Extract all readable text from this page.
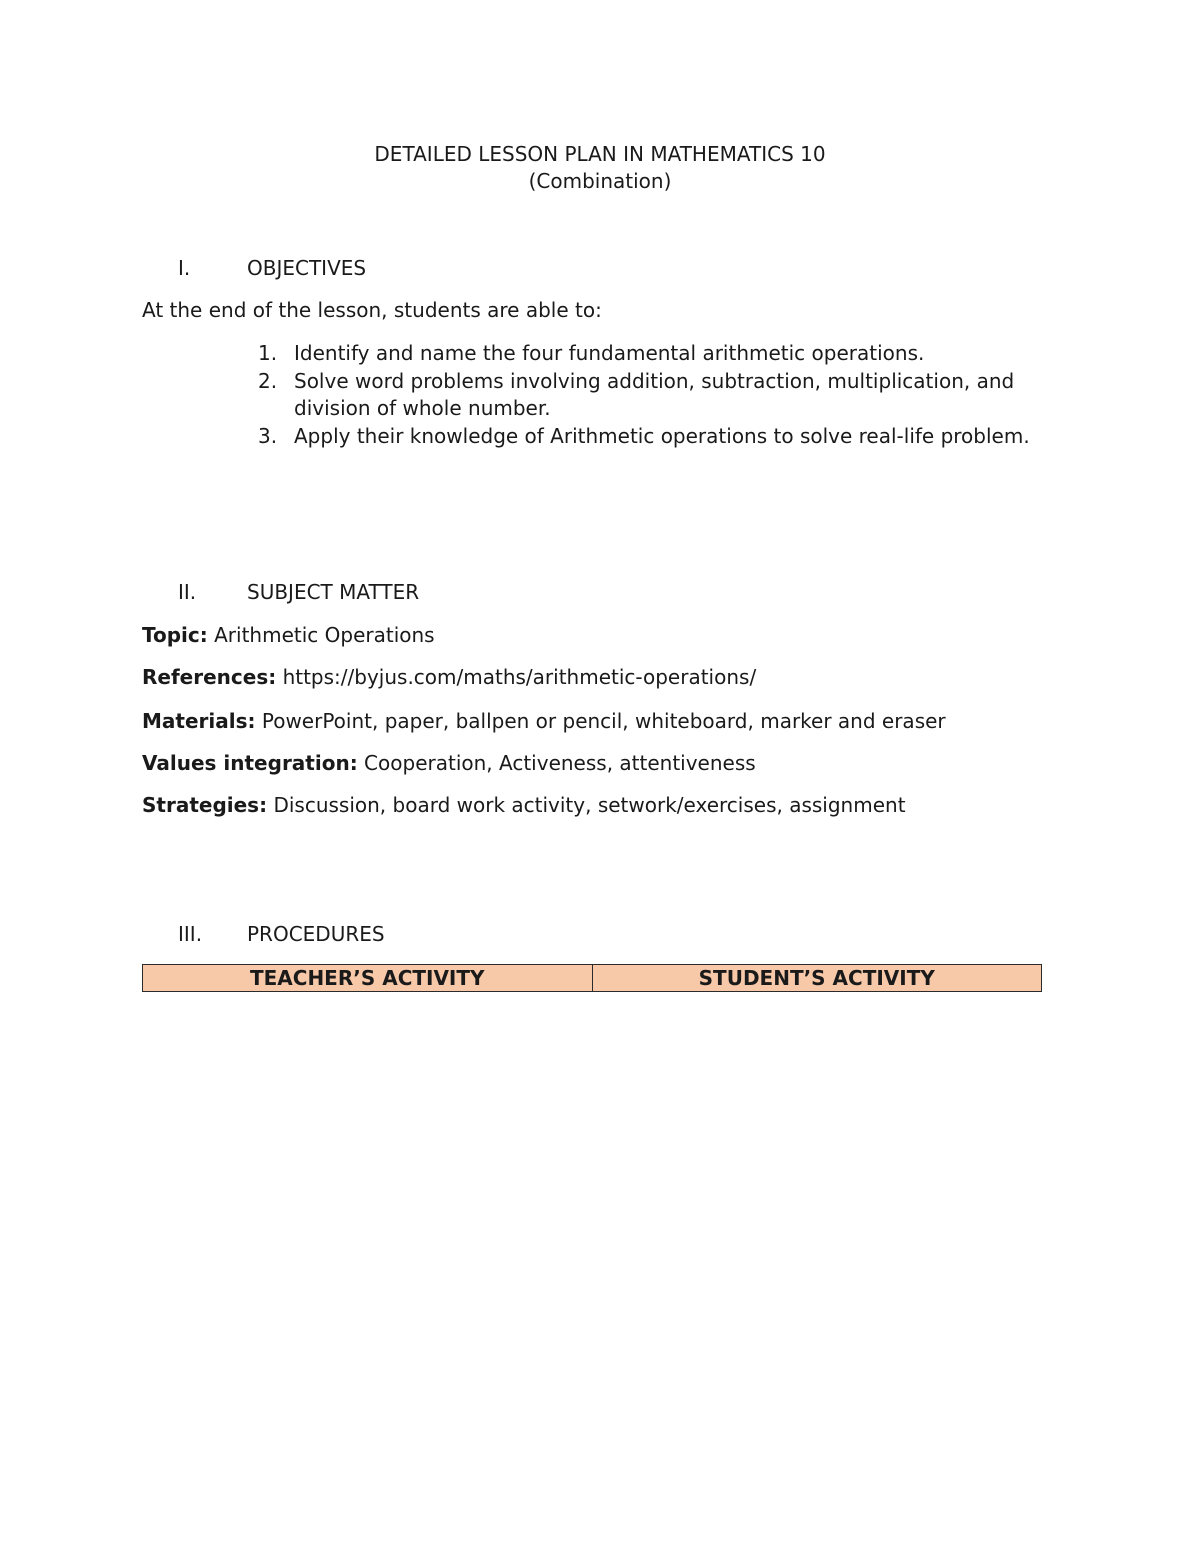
DETAILED LESSON PLAN IN MATHEMATICS 10
(Combination)
I.	OBJECTIVES
At the end of the lesson, students are able to:
1. Identify and name the four fundamental arithmetic operations.
2. Solve word problems involving addition, subtraction, multiplication, and division of whole number.
3. Apply their knowledge of Arithmetic operations to solve real-life problem.
II.	SUBJECT MATTER
Topic: Arithmetic Operations
References: https://byjus.com/maths/arithmetic-operations/
Materials: PowerPoint, paper, ballpen or pencil, whiteboard, marker and eraser
Values integration: Cooperation, Activeness, attentiveness
Strategies: Discussion, board work activity, setwork/exercises, assignment
III. PROCEDURES
TEACHER’S ACTIVITY	STUDENT’S ACTIVITY
